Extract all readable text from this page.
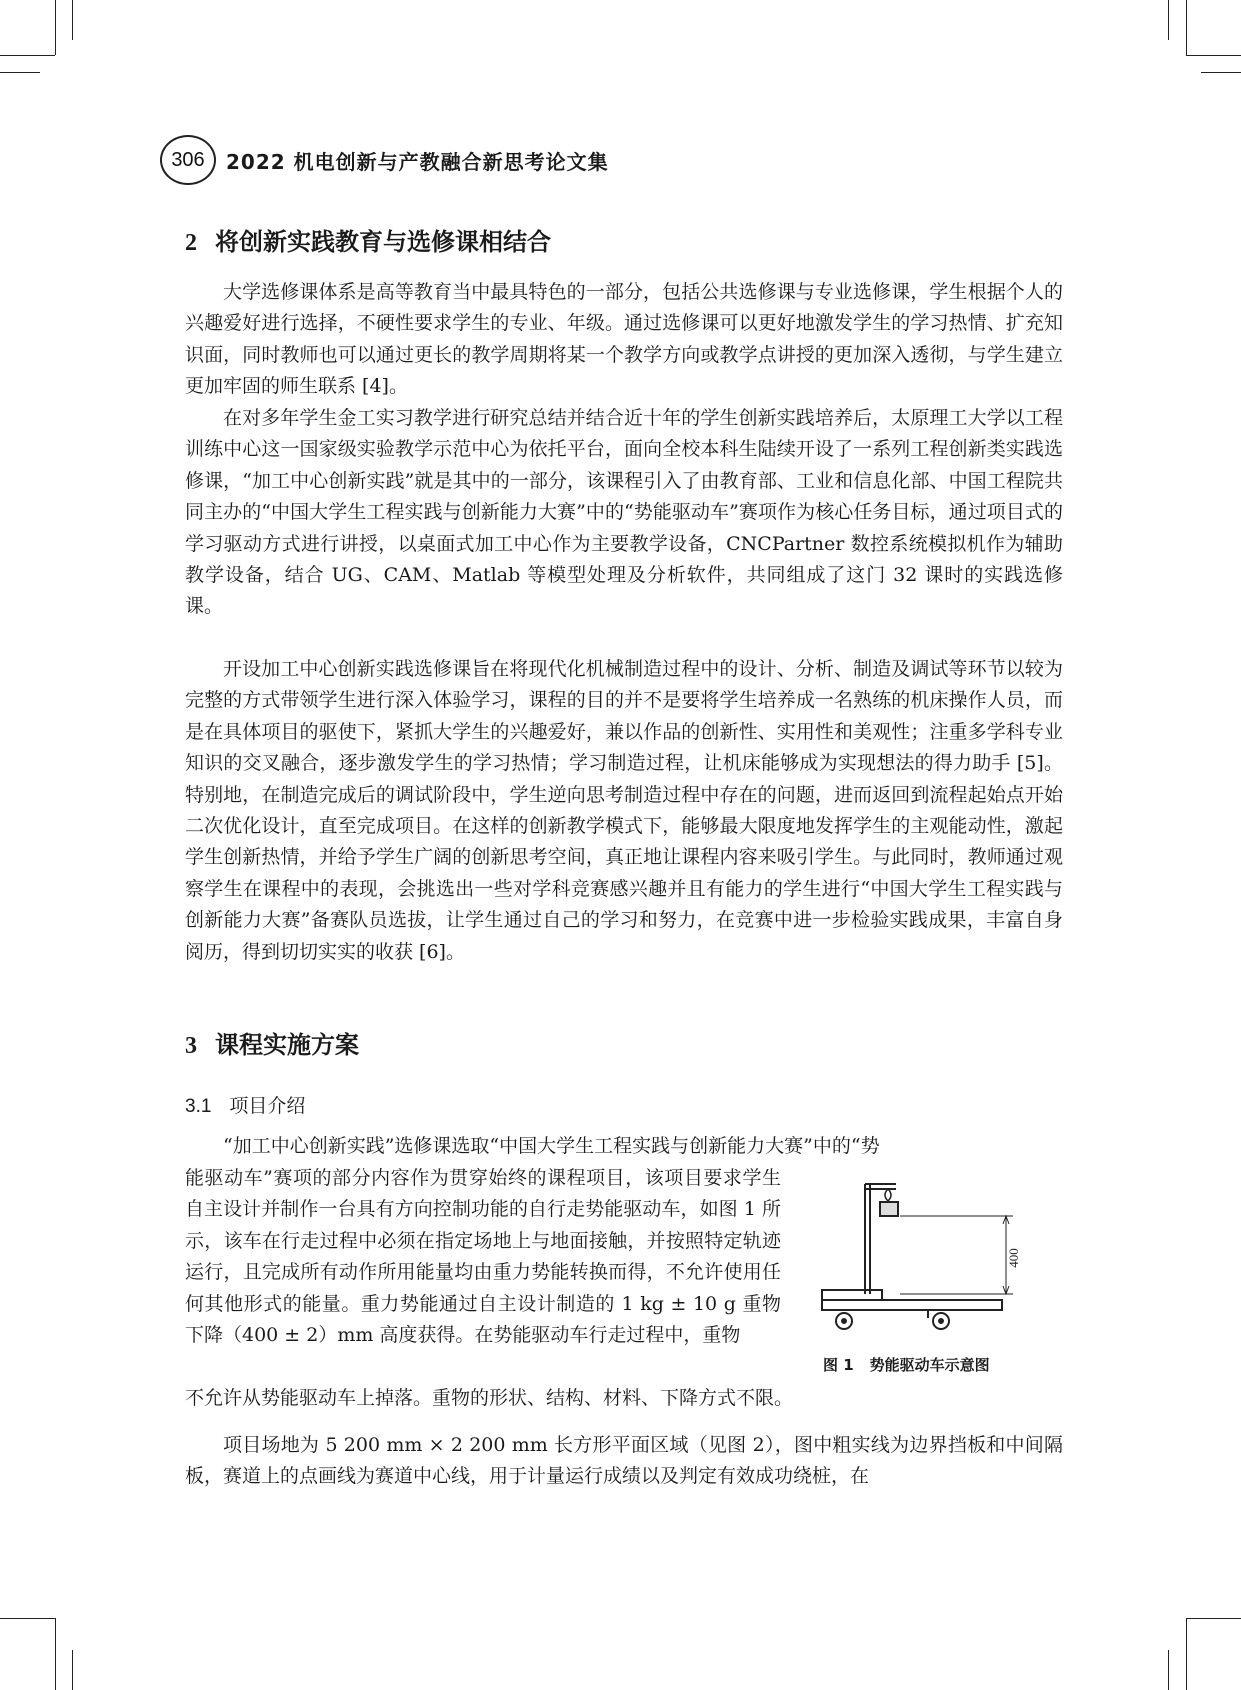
306	2022 机电创新与产教融合新思考论文集
2 将创新实践教育与选修课相结合

大学选修课体系是高等教育当中最具特色的一部分，包括公共选修课与专业选修课，学生根据个人的兴趣爱好进行选择，不硬性要求学生的专业、年级。通过选修课可以更好地激发学生的学习热情、扩充知识面，同时教师也可以通过更长的教学周期将某一个教学方向或教学点讲授的更加深入透彻，与学生建立更加牢固的师生联系 [4]。

在对多年学生金工实习教学进行研究总结并结合近十年的学生创新实践培养后，太原理工大学以工程训练中心这一国家级实验教学示范中心为依托平台，面向全校本科生陆续开设了一系列工程创新类实践选修课，“加工中心创新实践”就是其中的一部分，该课程引入了由教育部、工业和信息化部、中国工程院共同主办的“中国大学生工程实践与创新能力大赛”中的“势能驱动车”赛项作为核心任务目标，通过项目式的学习驱动方式进行讲授，以桌面式加工中心作为主要教学设备，CNCPartner 数控系统模拟机作为辅助教学设备，结合 UG、CAM、Matlab 等模型处理及分析软件，共同组成了这门 32 课时的实践选修课。

开设加工中心创新实践选修课旨在将现代化机械制造过程中的设计、分析、制造及调试等环节以较为完整的方式带领学生进行深入体验学习，课程的目的并不是要将学生培养成一名熟练的机床操作人员，而是在具体项目的驱使下，紧抓大学生的兴趣爱好，兼以作品的创新性、实用性和美观性；注重多学科专业知识的交叉融合，逐步激发学生的学习热情；学习制造过程，让机床能够成为实现想法的得力助手 [5]。特别地，在制造完成后的调试阶段中，学生逆向思考制造过程中存在的问题，进而返回到流程起始点开始二次优化设计，直至完成项目。在这样的创新教学模式下，能够最大限度地发挥学生的主观能动性，激起学生创新热情，并给予学生广阔的创新思考空间，真正地让课程内容来吸引学生。与此同时，教师通过观察学生在课程中的表现，会挑选出一些对学科竞赛感兴趣并且有能力的学生进行“中国大学生工程实践与创新能力大赛”备赛队员选拔，让学生通过自己的学习和努力，在竞赛中进一步检验实践成果，丰富自身阅历，得到切切实实的收获 [6]。

3 课程实施方案
3.1 项目介绍

“加工中心创新实践”选修课选取“中国大学生工程实践与创新能力大赛”中的“势

能驱动车”赛项的部分内容作为贯穿始终的课程项目，该项目要求学生自主设计并制作一台具有方向控制功能的自行走势能驱动车，如图 1 所示，该车在行走过程中必须在指定场地上与地面接触，并按照特定轨迹运行，且完成所有动作所用能量均由重力势能转换而得，不允许使用任何其他形式的能量。重力势能通过自主设计制造的 1 kg ± 10 g 重物下降（400 ± 2）mm 高度获得。在势能驱动车行走过程中，重物

不允许从势能驱动车上掉落。重物的形状、结构、材料、下降方式不限。

项目场地为 5 200 mm × 2 200 mm 长方形平面区域（见图 2），图中粗实线为边界挡板和中间隔板，赛道上的点画线为赛道中心线，用于计量运行成绩以及判定有效成功绕桩，在

400
图 1 势能驱动车示意图
